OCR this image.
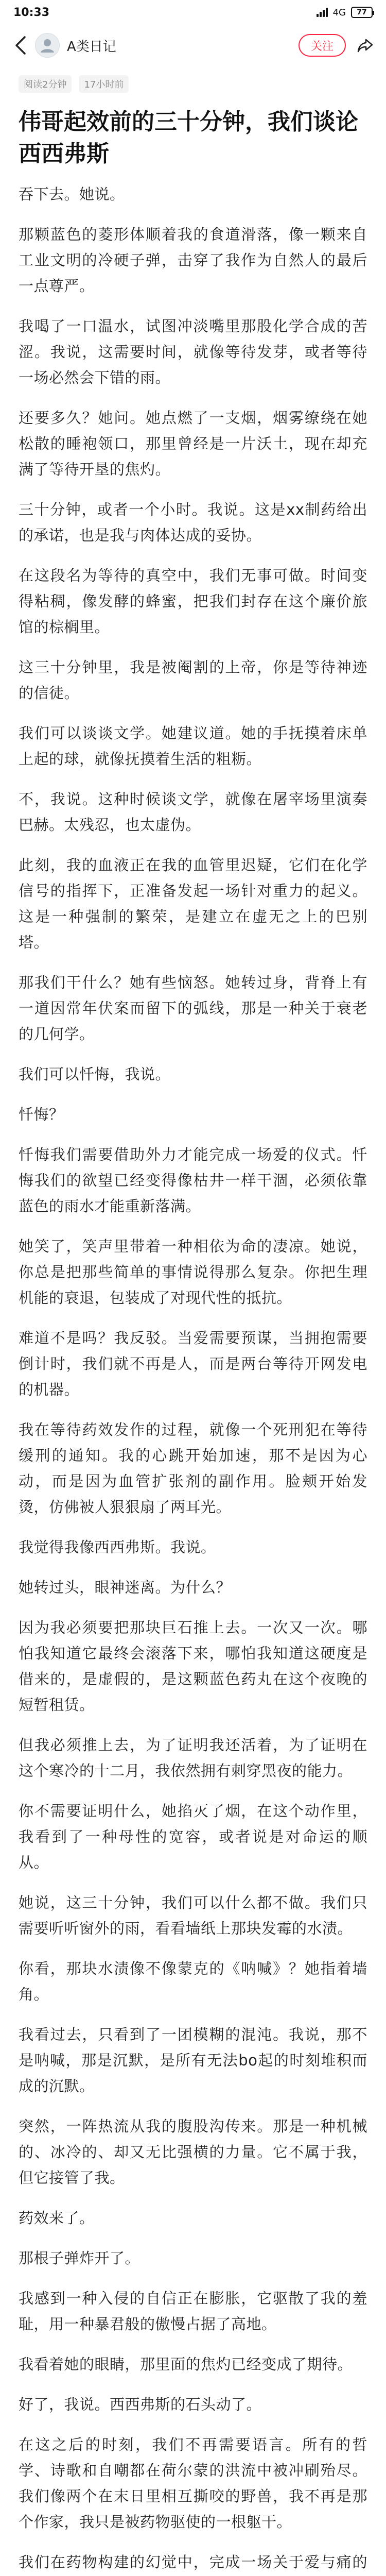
10:33	4G 77
A类日记	关注
阅读2分钟	17小时前
伟哥起效前的三十分钟，我们谈论西西弗斯

吞下去。她说。

那颗蓝色的菱形体顺着我的食道滑落，像一颗来自工业文明的冷硬子弹，击穿了我作为自然人的最后一点尊严。

我喝了一口温水，试图冲淡嘴里那股化学合成的苦涩。我说，这需要时间，就像等待发芽，或者等待一场必然会下错的雨。

还要多久？她问。她点燃了一支烟，烟雾缭绕在她松散的睡袍领口，那里曾经是一片沃土，现在却充满了等待开垦的焦灼。

三十分钟，或者一个小时。我说。这是xx制药给出的承诺，也是我与肉体达成的妥协。

在这段名为等待的真空中，我们无事可做。时间变得粘稠，像发酵的蜂蜜，把我们封存在这个廉价旅馆的棕榈里。

这三十分钟里，我是被阉割的上帝，你是等待神迹的信徒。

我们可以谈谈文学。她建议道。她的手抚摸着床单上起的球，就像抚摸着生活的粗粝。

不，我说。这种时候谈文学，就像在屠宰场里演奏巴赫。太残忍，也太虚伪。

此刻，我的血液正在我的血管里迟疑，它们在化学信号的指挥下，正准备发起一场针对重力的起义。这是一种强制的繁荣，是建立在虚无之上的巴别塔。

那我们干什么？她有些恼怒。她转过身，背脊上有一道因常年伏案而留下的弧线，那是一种关于衰老的几何学。

我们可以忏悔，我说。

忏悔？

忏悔我们需要借助外力才能完成一场爱的仪式。忏悔我们的欲望已经变得像枯井一样干涸，必须依靠蓝色的雨水才能重新落满。

她笑了，笑声里带着一种相依为命的凄凉。她说，你总是把那些简单的事情说得那么复杂。你把生理机能的衰退，包装成了对现代性的抵抗。

难道不是吗？我反驳。当爱需要预谋，当拥抱需要倒计时，我们就不再是人，而是两台等待开网发电的机器。

我在等待药效发作的过程，就像一个死刑犯在等待缓刑的通知。我的心跳开始加速，那不是因为心动，而是因为血管扩张剂的副作用。脸颊开始发烫，仿佛被人狠狠扇了两耳光。

我觉得我像西西弗斯。我说。

她转过头，眼神迷离。为什么？

因为我必须要把那块巨石推上去。一次又一次。哪怕我知道它最终会滚落下来，哪怕我知道这硬度是借来的，是虚假的，是这颗蓝色药丸在这个夜晚的短暂租赁。

但我必须推上去，为了证明我还活着，为了证明在这个寒冷的十二月，我依然拥有刺穿黑夜的能力。

你不需要证明什么，她掐灭了烟，在这个动作里，我看到了一种母性的宽容，或者说是对命运的顺从。

她说，这三十分钟，我们可以什么都不做。我们只需要听听窗外的雨，看看墙纸上那块发霉的水渍。

你看，那块水渍像不像蒙克的《呐喊》？她指着墙角。

我看过去，只看到了一团模糊的混沌。我说，那不是呐喊，那是沉默，是所有无法bo起的时刻堆积而成的沉默。

突然，一阵热流从我的腹股沟传来。那是一种机械的、冰冷的、却又无比强横的力量。它不属于我，但它接管了我。

药效来了。

那根子弹炸开了。

我感到一种入侵的自信正在膨胀，它驱散了我的羞耻，用一种暴君般的傲慢占据了高地。

我看着她的眼睛，那里面的焦灼已经变成了期待。

好了，我说。西西弗斯的石头动了。

在这之后的时刻，我们不再需要语言。所有的哲学、诗歌和自嘲都在荷尔蒙的洪流中被冲刷殆尽。我们像两个在末日里相互撕咬的野兽，我不再是那个作家，我只是被药物驱使的一根躯干。

我们在药物构建的幻觉中，完成一场关于爱与痛的
